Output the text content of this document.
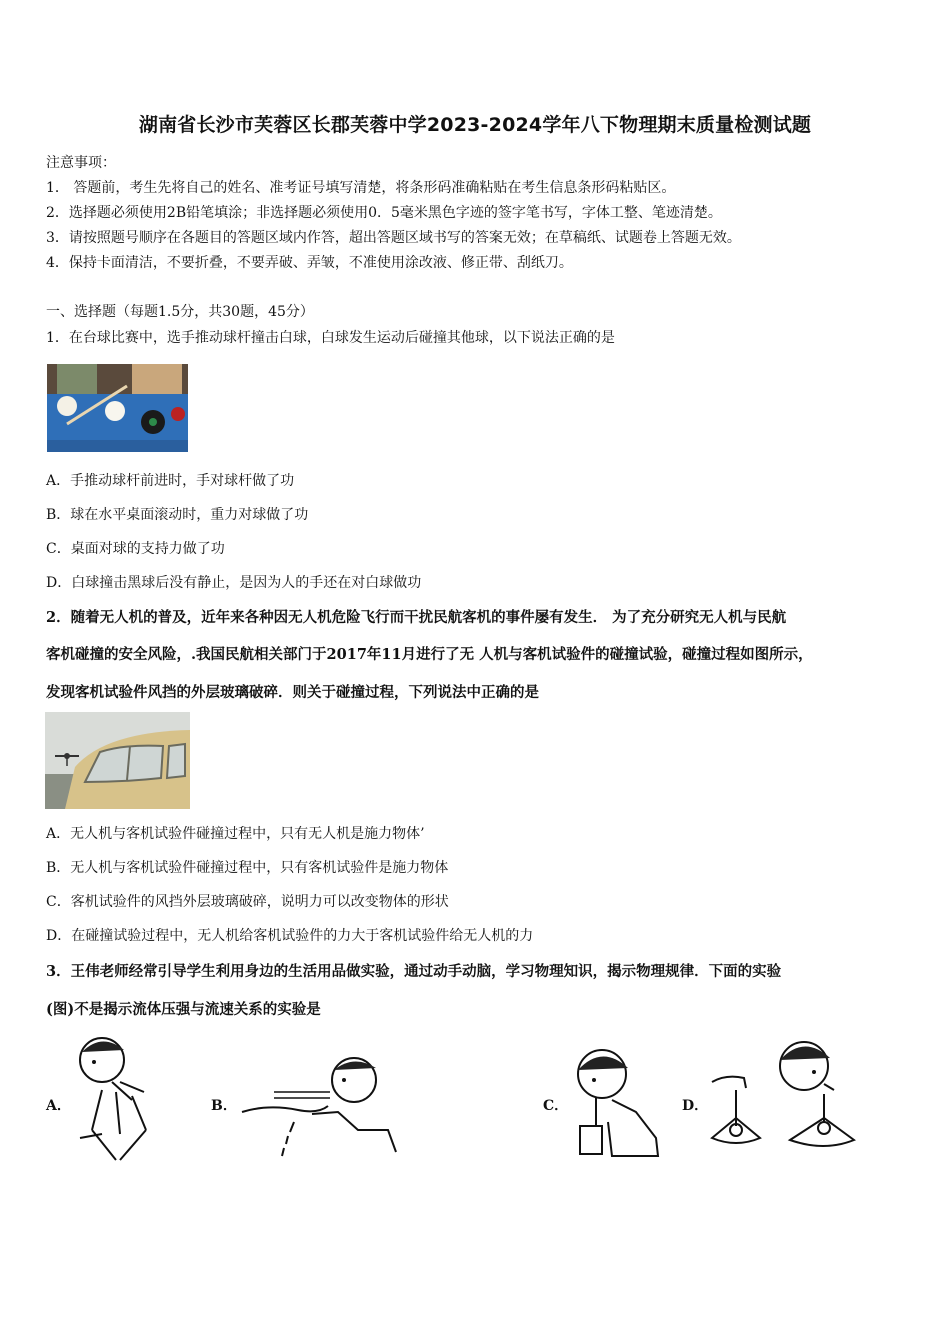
湖南省长沙市芙蓉区长郡芙蓉中学2023-2024学年八下物理期末质量检测试题
注意事项：
1． 答题前，考生先将自己的姓名、准考证号填写清楚，将条形码准确粘贴在考生信息条形码粘贴区。
2．选择题必须使用2B铅笔填涂；非选择题必须使用0．5毫米黑色字迹的签字笔书写，字体工整、笔迹清楚。
3．请按照题号顺序在各题目的答题区域内作答，超出答题区域书写的答案无效；在草稿纸、试题卷上答题无效。
4．保持卡面清洁，不要折叠，不要弄破、弄皱，不准使用涂改液、修正带、刮纸刀。
一、选择题（每题1.5分，共30题，45分）
1．在台球比赛中，选手推动球杆撞击白球，白球发生运动后碰撞其他球，以下说法正确的是
A．手推动球杆前进时，手对球杆做了功
B．球在水平桌面滚动时，重力对球做了功
C．桌面对球的支持力做了功
D．白球撞击黑球后没有静止，是因为人的手还在对白球做功
2．随着无人机的普及，近年来各种因无人机危险飞行而干扰民航客机的事件屡有发生． 为了充分研究无人机与民航
客机碰撞的安全风险，.我国民航相关部门于2017年11月进行了无 人机与客机试验件的碰撞试验，碰撞过程如图所示，
发现客机试验件风挡的外层玻璃破碎．则关于碰撞过程，下列说法中正确的是
A．无人机与客机试验件碰撞过程中，只有无人机是施力物体’
B．无人机与客机试验件碰撞过程中，只有客机试验件是施力物体
C．客机试验件的风挡外层玻璃破碎，说明力可以改变物体的形状
D．在碰撞试验过程中，无人机给客机试验件的力大于客机试验件给无人机的力
3．王伟老师经常引导学生利用身边的生活用品做实验，通过动手动脑，学习物理知识，揭示物理规律．下面的实验
(图)不是揭示流体压强与流速关系的实验是
A．	B．	C．	D．
